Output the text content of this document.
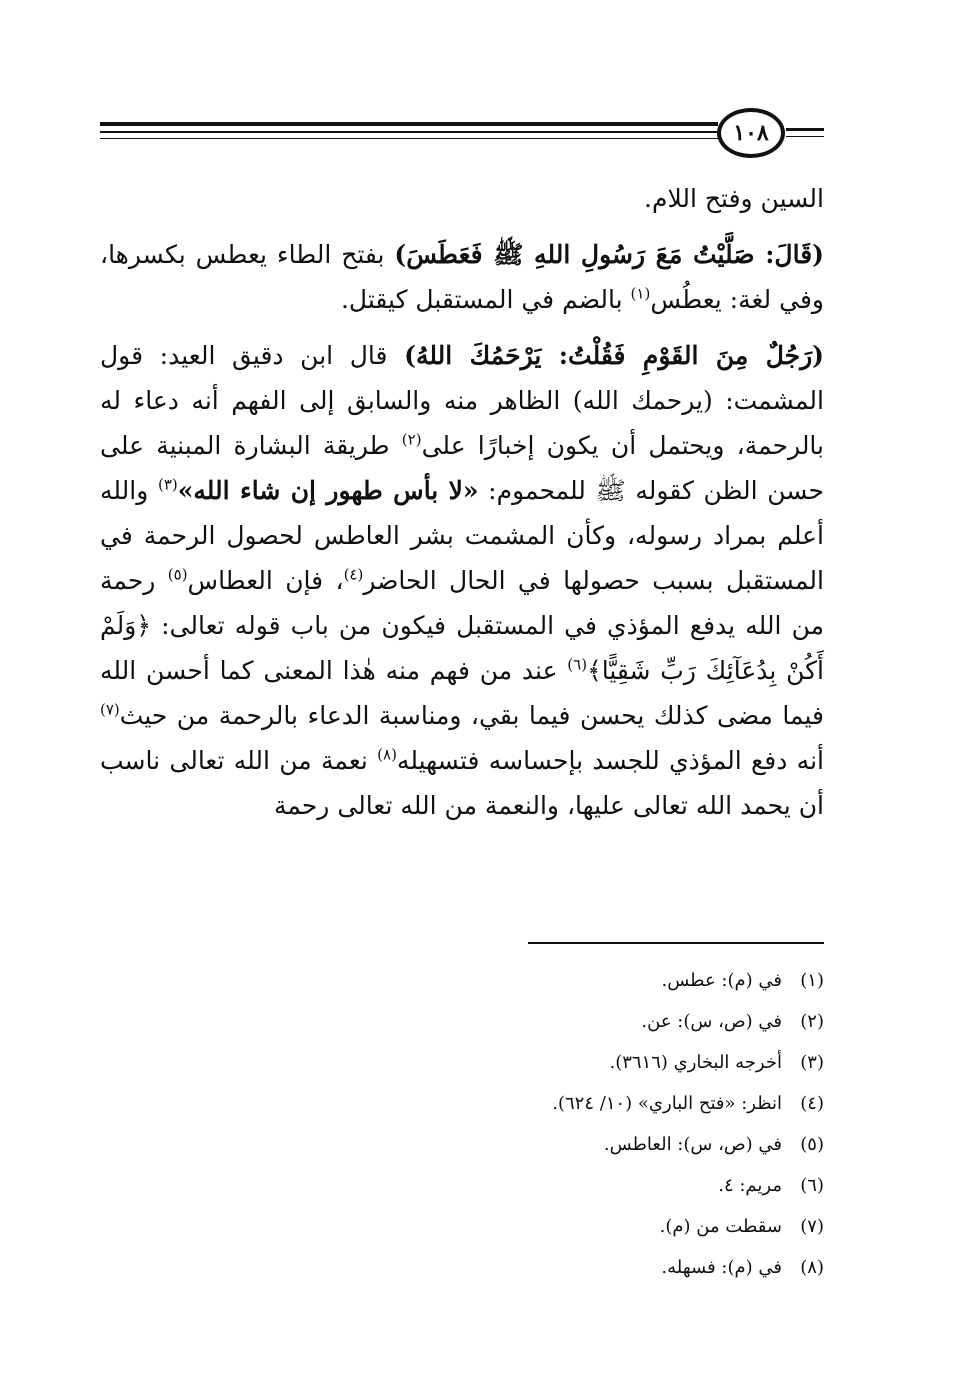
١٠٨

السين وفتح اللام.

(قَالَ: صَلَّيْتُ مَعَ رَسُولِ اللهِ ﷺ فَعَطَسَ) بفتح الطاء يعطس بكسرها، وفي لغة: يعطُس$^{(١)}$ بالضم في المستقبل كيقتل.

(رَجُلٌ مِنَ القَوْمِ فَقُلْتُ: يَرْحَمُكَ اللهُ) قال ابن دقيق العيد: قول المشمت: (يرحمك الله) الظاهر منه والسابق إلى الفهم أنه دعاء له بالرحمة، ويحتمل أن يكون إخبارًا على$^{(٢)}$ طريقة البشارة المبنية على حسن الظن كقوله ﷺ للمحموم: «لا بأس طهور إن شاء الله»$^{(٣)}$ والله أعلم بمراد رسوله، وكأن المشمت بشر العاطس لحصول الرحمة في المستقبل بسبب حصولها في الحال الحاضر$^{(٤)}$، فإن العطاس$^{(٥)}$ رحمة من الله يدفع المؤذي في المستقبل فيكون من باب قوله تعالى: ﴿وَلَمْ أَكُنْ بِدُعَآئِكَ رَبِّ شَقِيًّا﴾$^{(٦)}$ عند من فهم منه هٰذا المعنى كما أحسن الله فيما مضى كذلك يحسن فيما بقي، ومناسبة الدعاء بالرحمة من حيث$^{(٧)}$ أنه دفع المؤذي للجسد بإحساسه فتسهيله$^{(٨)}$ نعمة من الله تعالى ناسب أن يحمد الله تعالى عليها، والنعمة من الله تعالى رحمة

(١)في (م): عطس.
(٢)في (ص، س): عن.
(٣)أخرجه البخاري (٣٦١٦).
(٤)انظر: «فتح الباري» (١٠/ ٦٢٤).
(٥)في (ص، س): العاطس.
(٦)مريم: ٤.
(٧)سقطت من (م).
(٨)في (م): فسهله.
